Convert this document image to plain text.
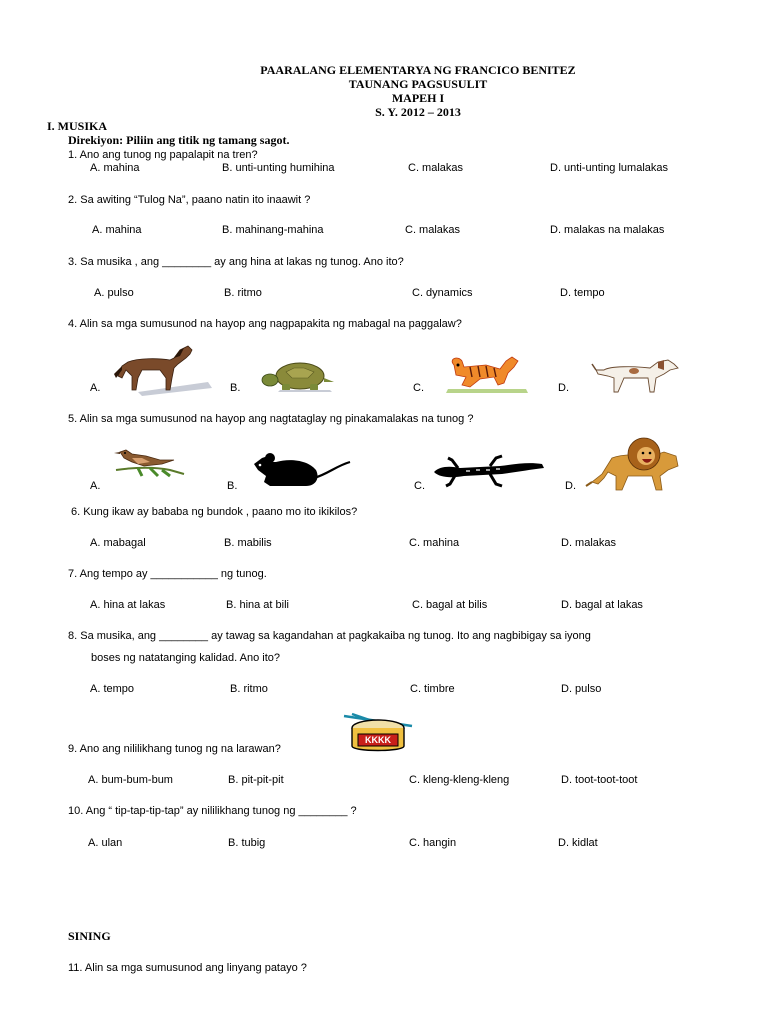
PAARALANG ELEMENTARYA NG FRANCICO BENITEZ
TAUNANG PAGSUSULIT
MAPEH I
S. Y. 2012 – 2013
I. MUSIKA
Direkiyon: Piliin ang titik ng tamang sagot.
1. Ano ang tunog ng papalapit na tren?
A. mahina	B. unti-unting humihina	C. malakas	D. unti-unting lumalakas
2. Sa awiting “Tulog Na”, paano natin ito inaawit ?
A. mahina	B. mahinang-mahina	C. malakas	D. malakas na malakas
3. Sa musika , ang ________ ay ang hina at lakas ng tunog. Ano ito?
A. pulso	B. ritmo	C. dynamics	D. tempo
4. Alin sa mga sumusunod na hayop ang nagpapakita ng mabagal na paggalaw?
A.	B.	C.	D.
5. Alin sa mga sumusunod na hayop ang nagtataglay ng pinakamalakas na tunog ?
A.	B.	C.	D.
6. Kung ikaw ay bababa ng bundok , paano mo ito ikikilos?
A. mabagal	B. mabilis	C. mahina	D. malakas
7. Ang tempo ay ___________ ng tunog.
A. hina at lakas	B. hina at bili	C. bagal at bilis	D. bagal at lakas
8. Sa musika, ang ________ ay tawag sa kagandahan at pagkakaiba ng tunog. Ito ang nagbibigay sa iyong
boses ng natatanging kalidad. Ano ito?
A. tempo	B. ritmo	C. timbre	D. pulso
KKKK
9. Ano ang nililikhang tunog ng na larawan?
A. bum-bum-bum	B. pit-pit-pit	C. kleng-kleng-kleng	D. toot-toot-toot
10. Ang “ tip-tap-tip-tap” ay nililikhang tunog ng ________ ?
A. ulan	B. tubig	C. hangin	D. kidlat
SINING
11. Alin sa mga sumusunod ang linyang patayo ?
